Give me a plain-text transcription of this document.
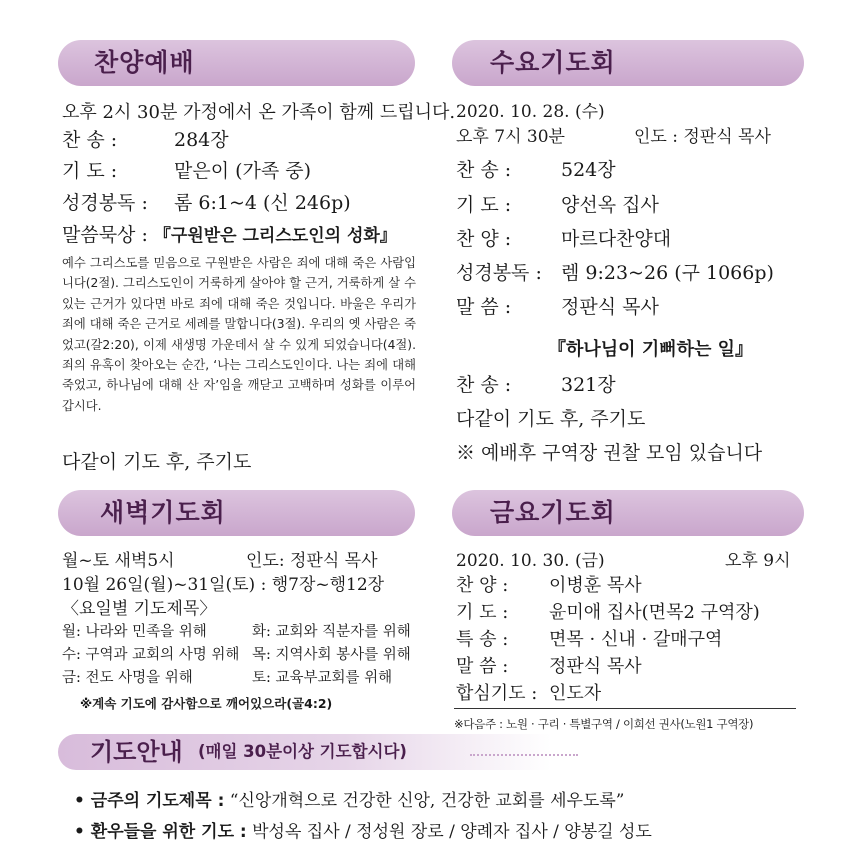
찬양예배
오후 2시 30분 가정에서 온 가족이 함께 드립니다.
찬 송 :	284장
기 도 :	맡은이 (가족 중)
성경봉독 : 롬 6:1~4 (신 246p)
말씀묵상 : 『구원받은 그리스도인의 성화』
예수 그리스도를 믿음으로 구원받은 사람은 죄에 대해 죽은 사람입니다(2절). 그리스도인이 거룩하게 살아야 할 근거, 거룩하게 살 수 있는 근거가 있다면 바로 죄에 대해 죽은 것입니다. 바울은 우리가 죄에 대해 죽은 근거로 세례를 말합니다(3절). 우리의 옛 사람은 죽었고(갈2:20), 이제 새생명 가운데서 살 수 있게 되었습니다(4절). 죄의 유혹이 찾아오는 순간, ‘나는 그리스도인이다. 나는 죄에 대해 죽었고, 하나님에 대해 산 자’임을 깨닫고 고백하며 성화를 이루어갑시다.
다같이 기도 후, 주기도
수요기도회
2020. 10. 28. (수)
오후 7시 30분	인도 : 정판식 목사
찬 송 :	524장
기 도 :	양선옥 집사
찬 양 :	마르다찬양대
성경봉독 : 렘 9:23~26 (구 1066p)
말 씀 :	정판식 목사
『하나님이 기뻐하는 일』
찬 송 :	321장
다같이 기도 후, 주기도
※ 예배후 구역장 권찰 모임 있습니다
새벽기도회
월~토 새벽5시	인도: 정판식 목사
10월 26일(월)~31일(토) : 행7장~행12장
〈요일별 기도제목〉
월: 나라와 민족을 위해	화: 교회와 직분자를 위해
수: 구역과 교회의 사명 위해 목: 지역사회 봉사를 위해
금: 전도 사명을 위해	토: 교육부교회를 위해
※계속 기도에 감사함으로 깨어있으라(골4:2)
금요기도회
2020. 10. 30. (금)	오후 9시
찬 양 : 이병훈 목사
기 도 : 윤미애 집사(면목2 구역장)
특 송 : 면목 · 신내 · 갈매구역
말 씀 : 정판식 목사
합심기도 : 인도자
※다음주 : 노원 · 구리 · 특별구역 / 이희선 권사(노원1 구역장)
기도안내 (매일 30분이상 기도합시다)
• 금주의 기도제목 : “신앙개혁으로 건강한 신앙, 건강한 교회를 세우도록”
• 환우들을 위한 기도 : 박성옥 집사 / 정성원 장로 / 양례자 집사 / 양봉길 성도
